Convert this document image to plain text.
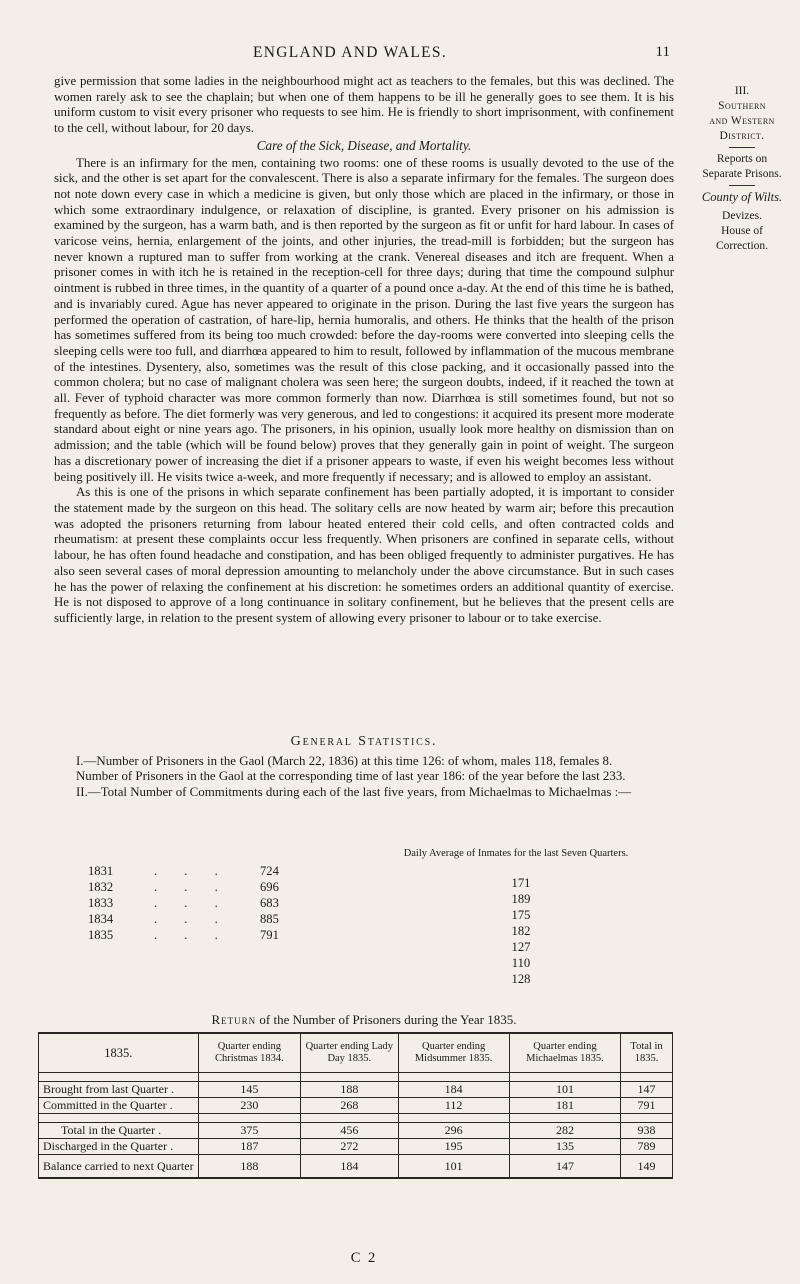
ENGLAND AND WALES.	11
III.
Southern
and Western
District.
Reports on
Separate Prisons.
County of Wilts.
Devizes.
House of
Correction.

give permission that some ladies in the neighbourhood might act as teachers to the females, but this was declined. The women rarely ask to see the chaplain; but when one of them happens to be ill he generally goes to see them. It is his uniform custom to visit every prisoner who requests to see him. He is friendly to short imprisonment, with confinement to the cell, without labour, for 20 days.

Care of the Sick, Disease, and Mortality.

There is an infirmary for the men, containing two rooms: one of these rooms is usually devoted to the use of the sick, and the other is set apart for the convalescent. There is also a separate infirmary for the females. The surgeon does not note down every case in which a medicine is given, but only those which are placed in the infirmary, or those in which some extraordinary indulgence, or relaxation of discipline, is granted. Every prisoner on his admission is examined by the surgeon, has a warm bath, and is then reported by the surgeon as fit or unfit for hard labour. In cases of varicose veins, hernia, enlargement of the joints, and other injuries, the tread-mill is forbidden; but the surgeon has never known a ruptured man to suffer from working at the crank. Venereal diseases and itch are frequent. When a prisoner comes in with itch he is retained in the reception-cell for three days; during that time the compound sulphur ointment is rubbed in three times, in the quantity of a quarter of a pound once a-day. At the end of this time he is bathed, and is invariably cured. Ague has never appeared to originate in the prison. During the last five years the surgeon has performed the operation of castration, of hare-lip, hernia humoralis, and others. He thinks that the health of the prison has sometimes suffered from its being too much crowded: before the day-rooms were converted into sleeping cells the sleeping cells were too full, and diarrhœa appeared to him to result, followed by inflammation of the mucous membrane of the intestines. Dysentery, also, sometimes was the result of this close packing, and it occasionally passed into the common cholera; but no case of malignant cholera was seen here; the surgeon doubts, indeed, if it reached the town at all. Fever of typhoid character was more common formerly than now. Diarrhœa is still sometimes found, but not so frequently as before. The diet formerly was very generous, and led to congestions: it acquired its present more moderate standard about eight or nine years ago. The prisoners, in his opinion, usually look more healthy on dismission than on admission; and the table (which will be found below) proves that they generally gain in point of weight. The surgeon has a discretionary power of increasing the diet if a prisoner appears to waste, if even his weight becomes less without being positively ill. He visits twice a-week, and more frequently if necessary; and is allowed to employ an assistant.

As this is one of the prisons in which separate confinement has been partially adopted, it is important to consider the statement made by the surgeon on this head. The solitary cells are now heated by warm air; before this precaution was adopted the prisoners returning from labour heated entered their cold cells, and often contracted colds and rheumatism: at present these complaints occur less frequently. When prisoners are confined in separate cells, without labour, he has often found headache and constipation, and has been obliged frequently to administer purgatives. He has also seen several cases of moral depression amounting to melancholy under the above circumstance. But in such cases he has the power of relaxing the confinement at his discretion: he sometimes orders an additional quantity of exercise. He is not disposed to approve of a long continuance in solitary confinement, but he believes that the present cells are sufficiently large, in relation to the present system of allowing every prisoner to labour or to take exercise.

General Statistics.

I.—Number of Prisoners in the Gaol (March 22, 1836) at this time 126: of whom, males 118, females 8.

Number of Prisoners in the Gaol at the corresponding time of last year 186: of the year before the last 233.

II.—Total Number of Commitments during each of the last five years, from Michaelmas to Michaelmas :—

Daily Average of Inmates for the last Seven Quarters.
1831	. . . 724
1832	. . . 696
1833	. . . 683
1834	. . . 885
1835	. . . 791
171
189
175
182
127
110
128
Return of the Number of Prisoners during the Year 1835.
1835.	Quarter ending Christmas 1834.	Quarter ending Lady Day 1835.	Quarter ending Midsummer 1835.	Quarter ending Michaelmas 1835.	Total in 1835.

Brought from last Quarter .	145	188	184	101	147
Committed in the Quarter .	230	268	112	181	791

Total in the Quarter .	375	456	296	282	938
Discharged in the Quarter .	187	272	195	135	789
Balance carried to next Quarter	188	184	101	147	149
C 2
